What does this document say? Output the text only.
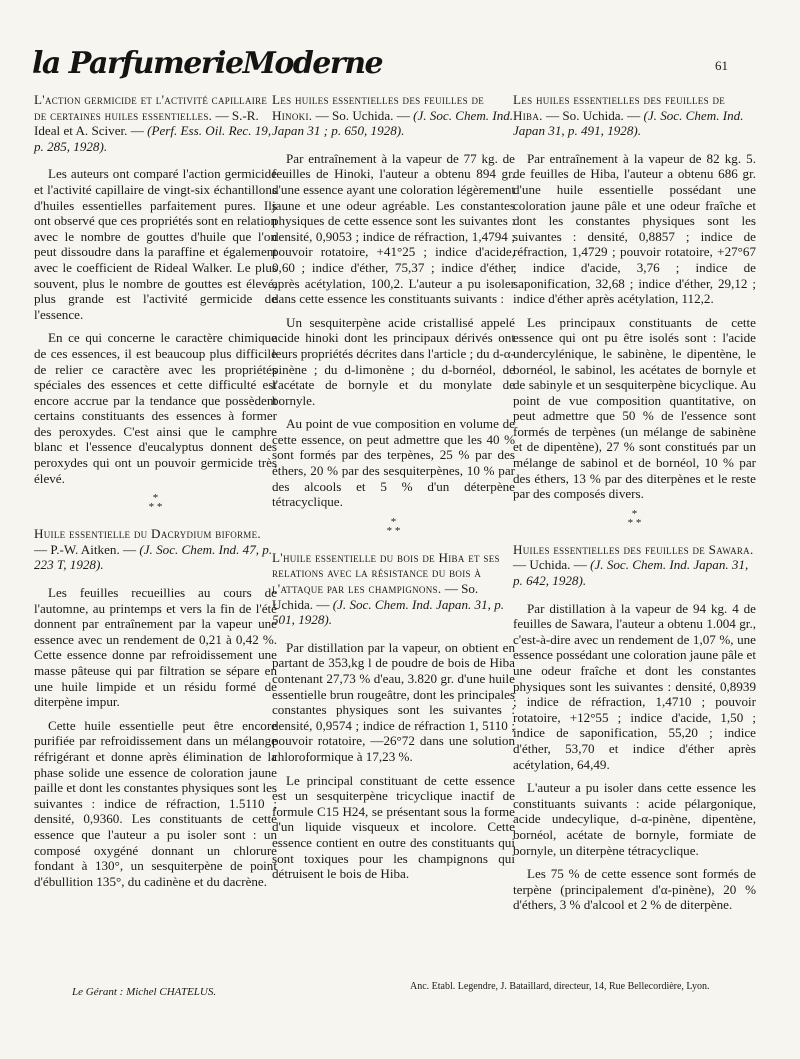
la ParfumerieModerne	61
L'action germicide et l'activité capillaire de certaines huiles essentielles. — S.-R. Ideal et A. Sciver. — (Perf. Ess. Oil. Rec. 19, p. 285, 1928).

Les auteurs ont comparé l'action germicide et l'activité capillaire de vingt-six échantillons d'huiles essentielles parfaitement pures. Ils ont observé que ces propriétés sont en relation avec le nombre de gouttes d'huile que l'on peut dissoudre dans la paraffine et également avec le coefficient de Rideal Walker. Le plus souvent, plus le nombre de gouttes est élevé, plus grande est l'activité germicide de l'essence.

En ce qui concerne le caractère chimique de ces essences, il est beaucoup plus difficile de relier ce caractère avec les propriétés spéciales des essences et cette difficulté est encore accrue par la tendance que possèdent certains constituants des essences à former des peroxydes. C'est ainsi que le camphre blanc et l'essence d'eucalyptus donnent des peroxydes qui ont un pouvoir germicide très élevé.

*
* *
Huile essentielle du Dacrydium biforme. — P.-W. Aitken. — (J. Soc. Chem. Ind. 47, p. 223 T, 1928).

Les feuilles recueillies au cours de l'automne, au printemps et vers la fin de l'été donnent par entraînement par la vapeur une essence avec un rendement de 0,21 à 0,42 %. Cette essence donne par refroidissement une masse pâteuse qui par filtration se sépare en une huile limpide et un résidu formé de diterpène impur.

Cette huile essentielle peut être encore purifiée par refroidissement dans un mélange réfrigérant et donne après élimination de la phase solide une essence de coloration jaune paille et dont les constantes physiques sont les suivantes : indice de réfraction, 1.5110 ; densité, 0,9360. Les constituants de cette essence que l'auteur a pu isoler sont : un composé oxygéné donnant un chlorure fondant à 130°, un sesquiterpène de point d'ébullition 135°, du cadinène et du dacrène.

Les huiles essentielles des feuilles de Hinoki. — So. Uchida. — (J. Soc. Chem. Ind. Japan 31 ; p. 650, 1928).

Par entraînement à la vapeur de 77 kg. de feuilles de Hinoki, l'auteur a obtenu 894 gr. d'une essence ayant une coloration légèrement jaune et une odeur agréable. Les constantes physiques de cette essence sont les suivantes : densité, 0,9053 ; indice de réfraction, 1,4794 ; pouvoir rotatoire, +41°25 ; indice d'acide, 0,60 ; indice d'éther, 75,37 ; indice d'éther après acétylation, 100,2. L'auteur a pu isoler dans cette essence les constituants suivants :

Un sesquiterpène acide cristallisé appelé acide hinoki dont les principaux dérivés ont leurs propriétés décrites dans l'article ; du d-α-pinène ; du d-limonène ; du d-bornéol, de l'acétate de bornyle et du monylate de bornyle.

Au point de vue composition en volume de cette essence, on peut admettre que les 40 % sont formés par des terpènes, 25 % par des éthers, 20 % par des sesquiterpènes, 10 % par des alcools et 5 % d'un déterpène tétracyclique.

*
* *
L'huile essentielle du bois de Hiba et ses relations avec la résistance du bois à l'attaque par les champignons. — So. Uchida. — (J. Soc. Chem. Ind. Japan. 31, p. 501, 1928).

Par distillation par la vapeur, on obtient en partant de 353,kg l de poudre de bois de Hiba contenant 27,73 % d'eau, 3.820 gr. d'une huile essentielle brun rougeâtre, dont les principales constantes physiques sont les suivantes : densité, 0,9574 ; indice de réfraction 1, 5110 ; pouvoir rotatoire, —26°72 dans une solution chloroformique à 17,23 %.

Le principal constituant de cette essence est un sesquiterpène tricyclique inactif de formule C15 H24, se présentant sous la forme d'un liquide visqueux et incolore. Cette essence contient en outre des constituants qui sont toxiques pour les champignons qui détruisent le bois de Hiba.

Les huiles essentielles des feuilles de Hiba. — So. Uchida. — (J. Soc. Chem. Ind. Japan 31, p. 491, 1928).

Par entraînement à la vapeur de 82 kg. 5. de feuilles de Hiba, l'auteur a obtenu 686 gr. d'une huile essentielle possédant une coloration jaune pâle et une odeur fraîche et dont les constantes physiques sont les suivantes : densité, 0,8857 ; indice de réfraction, 1,4729 ; pouvoir rotatoire, +27°67 ; indice d'acide, 3,76 ; indice de saponification, 32,68 ; indice d'éther, 29,12 ; indice d'éther après acétylation, 112,2.

Les principaux constituants de cette essence qui ont pu être isolés sont : l'acide undercylénique, le sabinène, le dipentène, le bornéol, le sabinol, les acétates de bornyle et de sabinyle et un sesquiterpène bicyclique. Au point de vue composition quantitative, on peut admettre que 50 % de l'essence sont formés de terpènes (un mélange de sabinène et de dipentène), 27 % sont constitués par un mélange de sabinol et de bornéol, 10 % par des éthers, 13 % par des diterpènes et le reste par des composés divers.

*
* *
Huiles essentielles des feuilles de Sawara. — Uchida. — (J. Soc. Chem. Ind. Japan. 31, p. 642, 1928).

Par distillation à la vapeur de 94 kg. 4 de feuilles de Sawara, l'auteur a obtenu 1.004 gr., c'est-à-dire avec un rendement de 1,07 %, une essence possédant une coloration jaune pâle et une odeur fraîche et dont les constantes physiques sont les suivantes : densité, 0,8939 ; indice de réfraction, 1,4710 ; pouvoir rotatoire, +12°55 ; indice d'acide, 1,50 ; indice de saponification, 55,20 ; indice d'éther, 53,70 et indice d'éther après acétylation, 64,49.

L'auteur a pu isoler dans cette essence les constituants suivants : acide pélargonique, acide undecylique, d-α-pinène, dipentène, bornéol, acétate de bornyle, formiate de bornyle, un diterpène tétracyclique.

Les 75 % de cette essence sont formés de terpène (principalement d'α-pinène), 20 % d'éthers, 3 % d'alcool et 2 % de diterpène.

Le Gérant : Michel CHATELUS.	Anc. Etabl. Legendre, J. Bataillard, directeur, 14, Rue Bellecordière, Lyon.
